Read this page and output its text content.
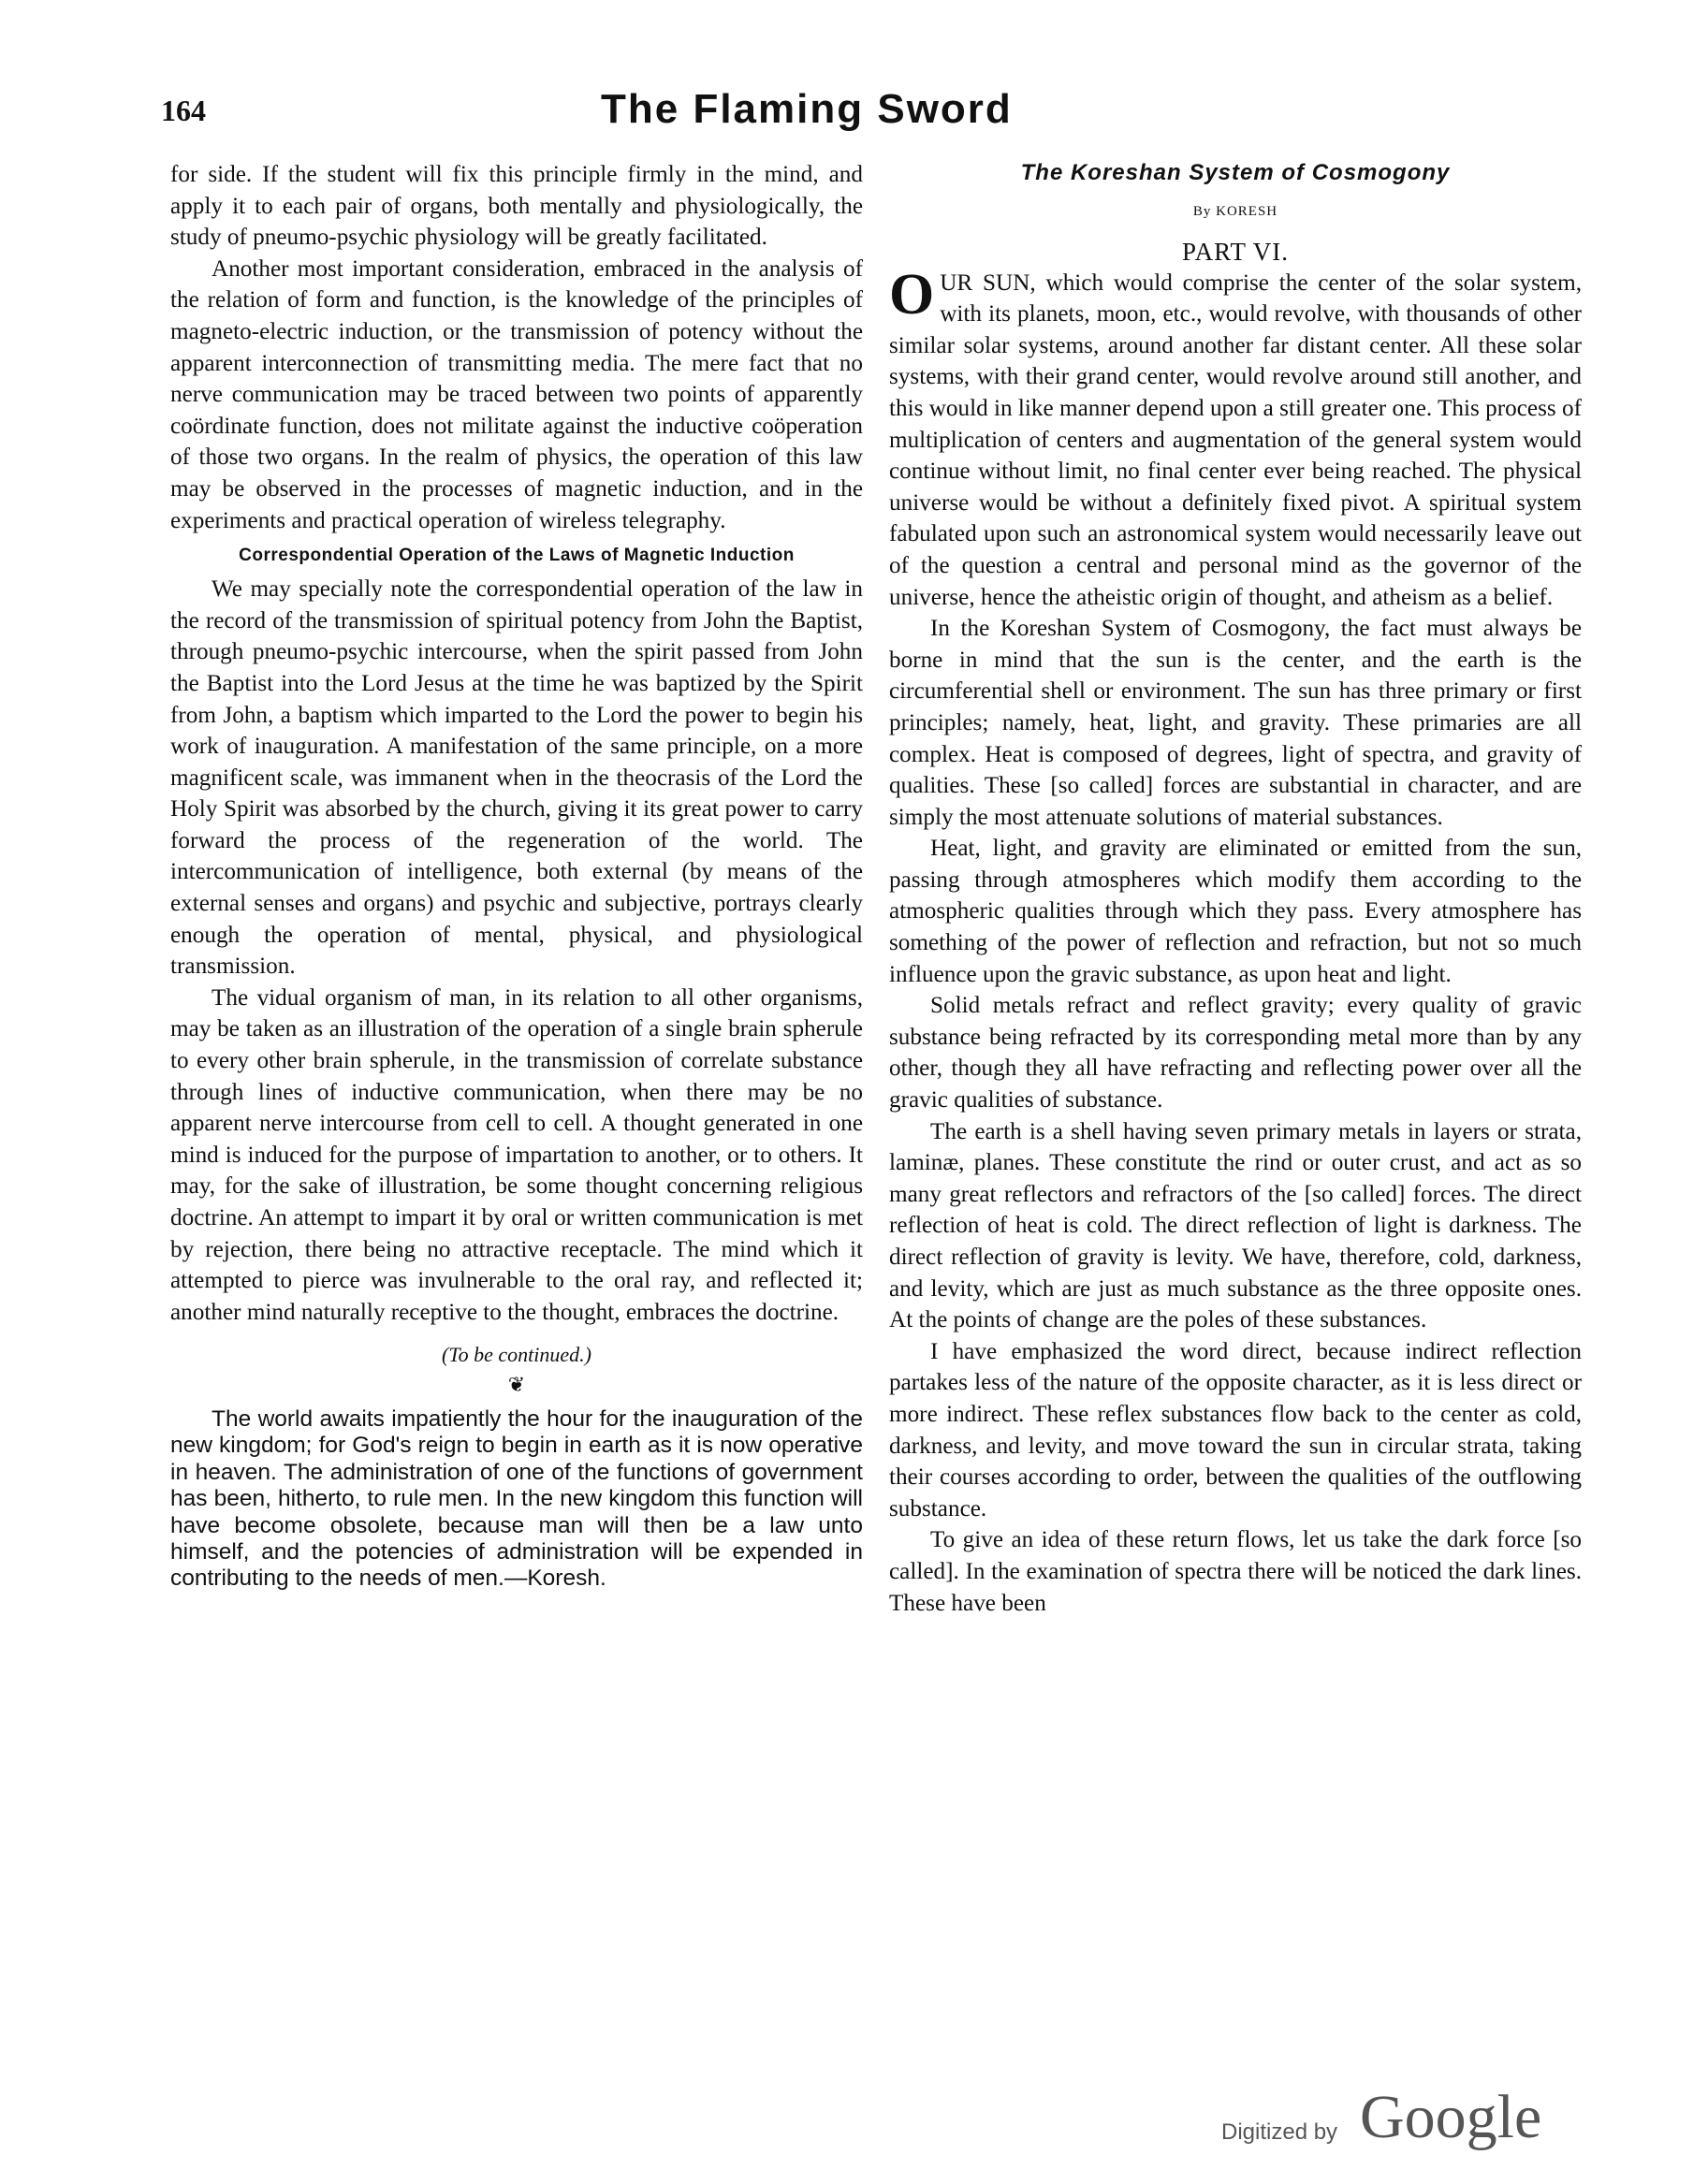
164	The Flaming Sword

for side. If the student will fix this principle firmly in the mind, and apply it to each pair of organs, both mentally and physiologically, the study of pneumo-psychic physiology will be greatly facilitated.

Another most important consideration, embraced in the analysis of the relation of form and function, is the knowledge of the principles of magneto-electric induction, or the transmission of potency without the apparent interconnection of transmitting media. The mere fact that no nerve communication may be traced between two points of apparently coördinate function, does not militate against the inductive coöperation of those two organs. In the realm of physics, the operation of this law may be observed in the processes of magnetic induction, and in the experiments and practical operation of wireless telegraphy.

Correspondential Operation of the Laws of Magnetic Induction

We may specially note the correspondential operation of the law in the record of the transmission of spiritual potency from John the Baptist, through pneumo-psychic intercourse, when the spirit passed from John the Baptist into the Lord Jesus at the time he was baptized by the Spirit from John, a baptism which imparted to the Lord the power to begin his work of inauguration. A manifestation of the same principle, on a more magnificent scale, was immanent when in the theocrasis of the Lord the Holy Spirit was absorbed by the church, giving it its great power to carry forward the process of the regeneration of the world. The intercommunication of intelligence, both external (by means of the external senses and organs) and psychic and subjective, portrays clearly enough the operation of mental, physical, and physiological transmission.

The vidual organism of man, in its relation to all other organisms, may be taken as an illustration of the operation of a single brain spherule to every other brain spherule, in the transmission of correlate substance through lines of inductive communication, when there may be no apparent nerve intercourse from cell to cell. A thought generated in one mind is induced for the purpose of impartation to another, or to others. It may, for the sake of illustration, be some thought concerning religious doctrine. An attempt to impart it by oral or written communication is met by rejection, there being no attractive receptacle. The mind which it attempted to pierce was invulnerable to the oral ray, and reflected it; another mind naturally receptive to the thought, embraces the doctrine.

(To be continued.)
❦

The world awaits impatiently the hour for the inauguration of the new kingdom; for God's reign to begin in earth as it is now operative in heaven. The administration of one of the functions of government has been, hitherto, to rule men. In the new kingdom this function will have become obsolete, because man will then be a law unto himself, and the potencies of administration will be expended in contributing to the needs of men.—Koresh.

The Koreshan System of Cosmogony
By KORESH
PART VI.

OUR SUN, which would comprise the center of the solar system, with its planets, moon, etc., would revolve, with thousands of other similar solar systems, around another far distant center. All these solar systems, with their grand center, would revolve around still another, and this would in like manner depend upon a still greater one. This process of multiplication of centers and augmentation of the general system would continue without limit, no final center ever being reached. The physical universe would be without a definitely fixed pivot. A spiritual system fabulated upon such an astronomical system would necessarily leave out of the question a central and personal mind as the governor of the universe, hence the atheistic origin of thought, and atheism as a belief.

In the Koreshan System of Cosmogony, the fact must always be borne in mind that the sun is the center, and the earth is the circumferential shell or environment. The sun has three primary or first principles; namely, heat, light, and gravity. These primaries are all complex. Heat is composed of degrees, light of spectra, and gravity of qualities. These [so called] forces are substantial in character, and are simply the most attenuate solutions of material substances.

Heat, light, and gravity are eliminated or emitted from the sun, passing through atmospheres which modify them according to the atmospheric qualities through which they pass. Every atmosphere has something of the power of reflection and refraction, but not so much influence upon the gravic substance, as upon heat and light.

Solid metals refract and reflect gravity; every quality of gravic substance being refracted by its corresponding metal more than by any other, though they all have refracting and reflecting power over all the gravic qualities of substance.

The earth is a shell having seven primary metals in layers or strata, laminæ, planes. These constitute the rind or outer crust, and act as so many great reflectors and refractors of the [so called] forces. The direct reflection of heat is cold. The direct reflection of light is darkness. The direct reflection of gravity is levity. We have, therefore, cold, darkness, and levity, which are just as much substance as the three opposite ones. At the points of change are the poles of these substances.

I have emphasized the word direct, because indirect reflection partakes less of the nature of the opposite character, as it is less direct or more indirect. These reflex substances flow back to the center as cold, darkness, and levity, and move toward the sun in circular strata, taking their courses according to order, between the qualities of the outflowing substance.

To give an idea of these return flows, let us take the dark force [so called]. In the examination of spectra there will be noticed the dark lines. These have been

Digitized by Google
